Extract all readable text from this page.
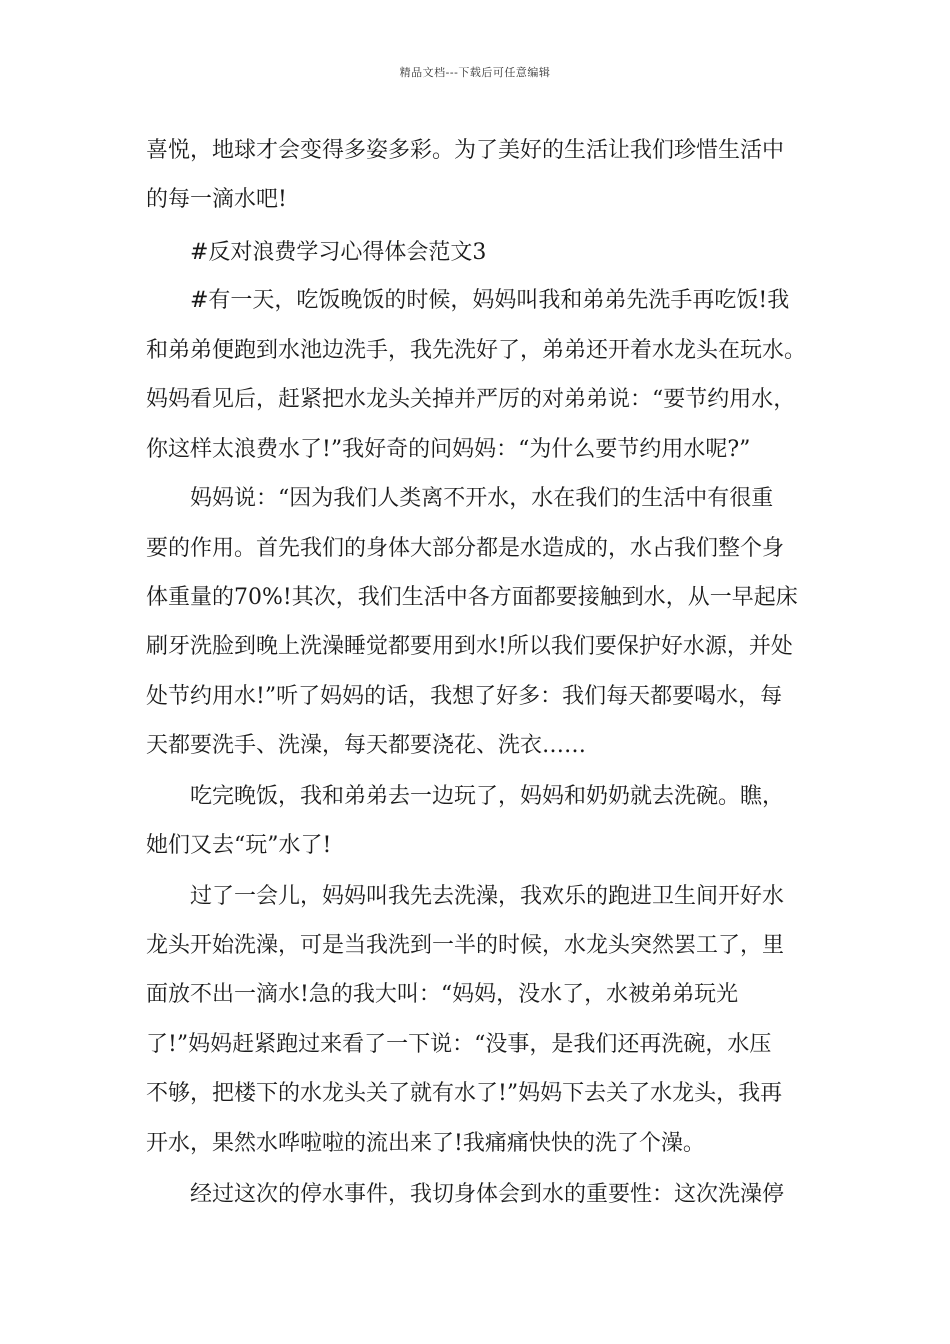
精品文档---下载后可任意编辑
喜悦，地球才会变得多姿多彩。为了美好的生活让我们珍惜生活中
的每一滴水吧!
#反对浪费学习心得体会范文3
#有一天，吃饭晚饭的时候，妈妈叫我和弟弟先洗手再吃饭!我
和弟弟便跑到水池边洗手，我先洗好了，弟弟还开着水龙头在玩水。
妈妈看见后，赶紧把水龙头关掉并严厉的对弟弟说：“要节约用水，
你这样太浪费水了!”我好奇的问妈妈：“为什么要节约用水呢?”
妈妈说：“因为我们人类离不开水，水在我们的生活中有很重
要的作用。首先我们的身体大部分都是水造成的，水占我们整个身
体重量的70%!其次，我们生活中各方面都要接触到水，从一早起床
刷牙洗脸到晚上洗澡睡觉都要用到水!所以我们要保护好水源，并处
处节约用水!”听了妈妈的话，我想了好多：我们每天都要喝水，每
天都要洗手、洗澡，每天都要浇花、洗衣……
吃完晚饭，我和弟弟去一边玩了，妈妈和奶奶就去洗碗。瞧，
她们又去“玩”水了!
过了一会儿，妈妈叫我先去洗澡，我欢乐的跑进卫生间开好水
龙头开始洗澡，可是当我洗到一半的时候，水龙头突然罢工了，里
面放不出一滴水!急的我大叫：“妈妈，没水了，水被弟弟玩光
了!”妈妈赶紧跑过来看了一下说：“没事，是我们还再洗碗，水压
不够，把楼下的水龙头关了就有水了!”妈妈下去关了水龙头，我再
开水，果然水哗啦啦的流出来了!我痛痛快快的洗了个澡。
经过这次的停水事件，我切身体会到水的重要性：这次洗澡停
